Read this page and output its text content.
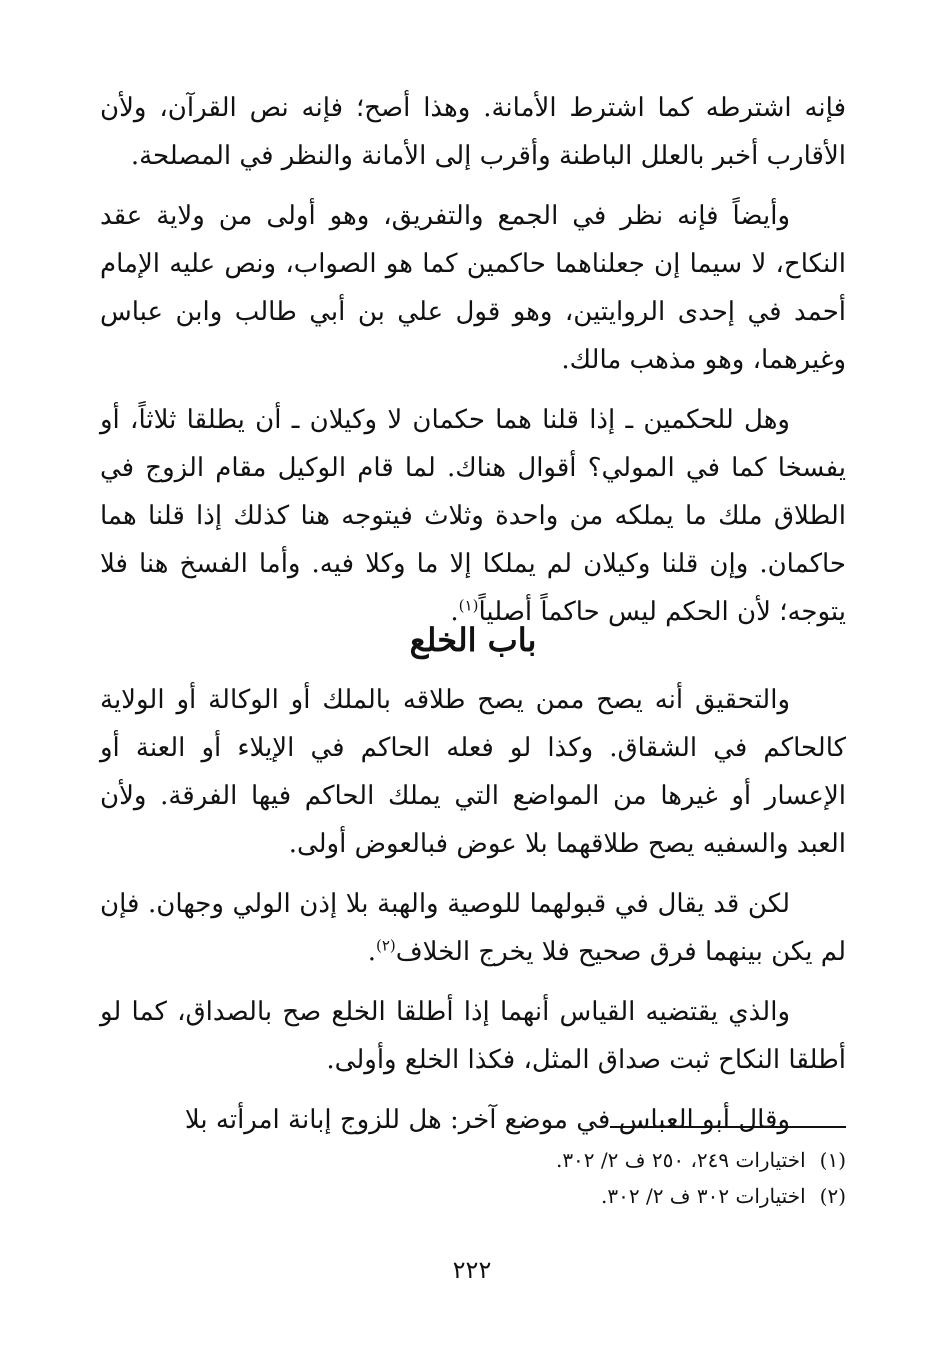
فإنه اشترطه كما اشترط الأمانة. وهذا أصح؛ فإنه نص القرآن، ولأن الأقارب أخبر بالعلل الباطنة وأقرب إلى الأمانة والنظر في المصلحة.

وأيضاً فإنه نظر في الجمع والتفريق، وهو أولى من ولاية عقد النكاح، لا سيما إن جعلناهما حاكمين كما هو الصواب، ونص عليه الإمام أحمد في إحدى الروايتين، وهو قول علي بن أبي طالب وابن عباس وغيرهما، وهو مذهب مالك.

وهل للحكمين ـ إذا قلنا هما حكمان لا وكيلان ـ أن يطلقا ثلاثاً، أو يفسخا كما في المولي؟ أقوال هناك. لما قام الوكيل مقام الزوج في الطلاق ملك ما يملكه من واحدة وثلاث فيتوجه هنا كذلك إذا قلنا هما حاكمان. وإن قلنا وكيلان لم يملكا إلا ما وكلا فيه. وأما الفسخ هنا فلا يتوجه؛ لأن الحكم ليس حاكماً أصلياً$^{(١)}$.

باب الخلع

والتحقيق أنه يصح ممن يصح طلاقه بالملك أو الوكالة أو الولاية كالحاكم في الشقاق. وكذا لو فعله الحاكم في الإيلاء أو العنة أو الإعسار أو غيرها من المواضع التي يملك الحاكم فيها الفرقة. ولأن العبد والسفيه يصح طلاقهما بلا عوض فبالعوض أولى.

لكن قد يقال في قبولهما للوصية والهبة بلا إذن الولي وجهان. فإن لم يكن بينهما فرق صحيح فلا يخرج الخلاف$^{(٢)}$.

والذي يقتضيه القياس أنهما إذا أطلقا الخلع صح بالصداق، كما لو أطلقا النكاح ثبت صداق المثل، فكذا الخلع وأولى.

وقال أبو العباس في موضع آخر: هل للزوج إبانة امرأته بلا

(١)اختيارات ٢٤٩، ٢٥٠ ف ٢/ ٣٠٢.

(٢)اختيارات ٣٠٢ ف ٢/ ٣٠٢.

٢٢٢
